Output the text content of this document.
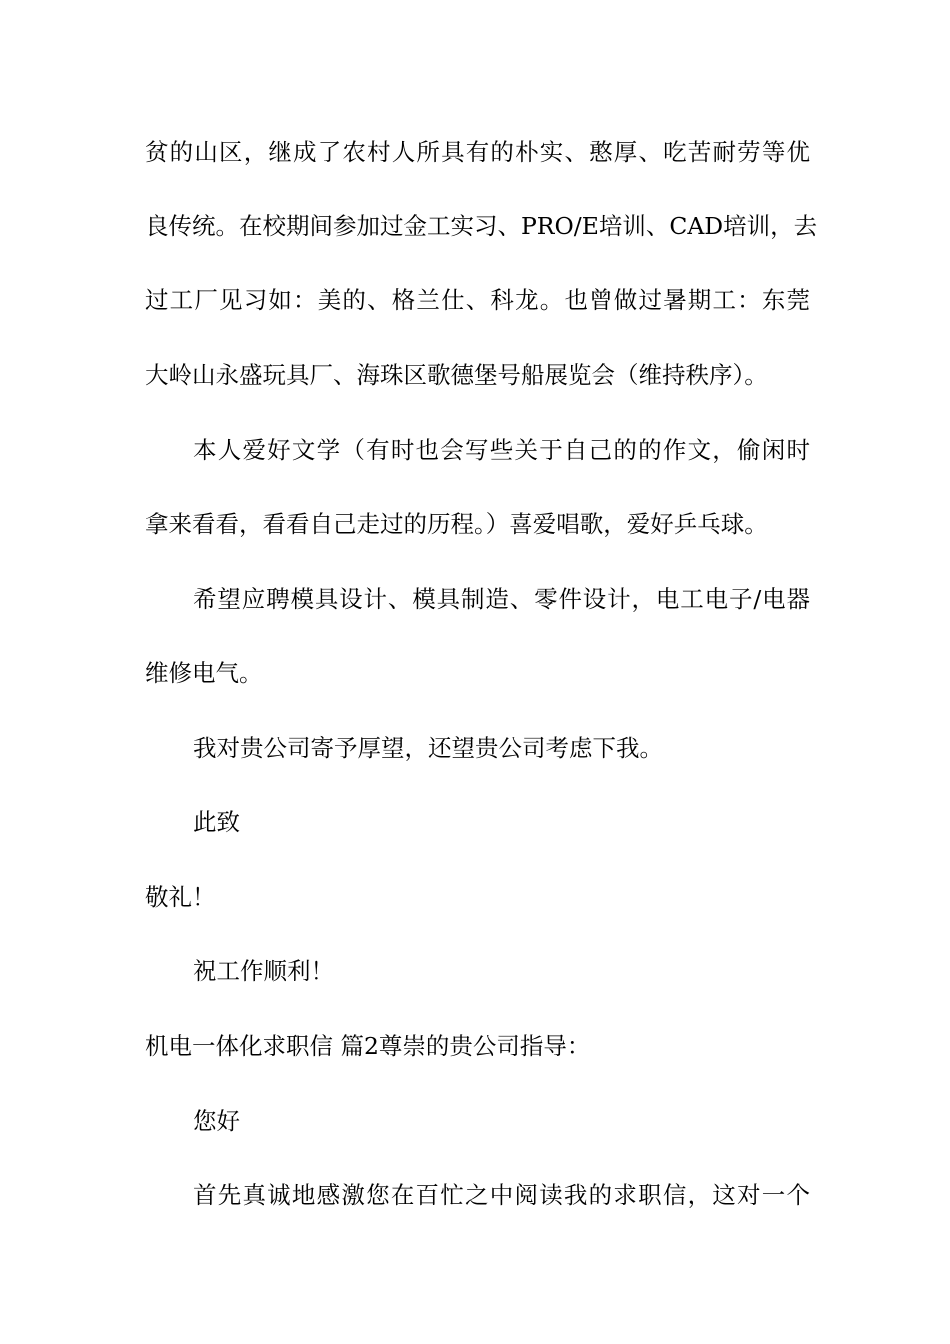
贫的山区，继成了农村人所具有的朴实、憨厚、吃苦耐劳等优
良传统。在校期间参加过金工实习、PRO/E培训、CAD培训，去
过工厂见习如：美的、格兰仕、科龙。也曾做过暑期工：东莞
大岭山永盛玩具厂、海珠区歌德堡号船展览会（维持秩序）。
本人爱好文学（有时也会写些关于自己的的作文，偷闲时
拿来看看，看看自己走过的历程。）喜爱唱歌，爱好乒乓球。
希望应聘模具设计、模具制造、零件设计，电工电子/电器
维修电气。
我对贵公司寄予厚望，还望贵公司考虑下我。
此致
敬礼！
祝工作顺利！
机电一体化求职信 篇2尊崇的贵公司指导：
您好
首先真诚地感激您在百忙之中阅读我的求职信，这对一个
